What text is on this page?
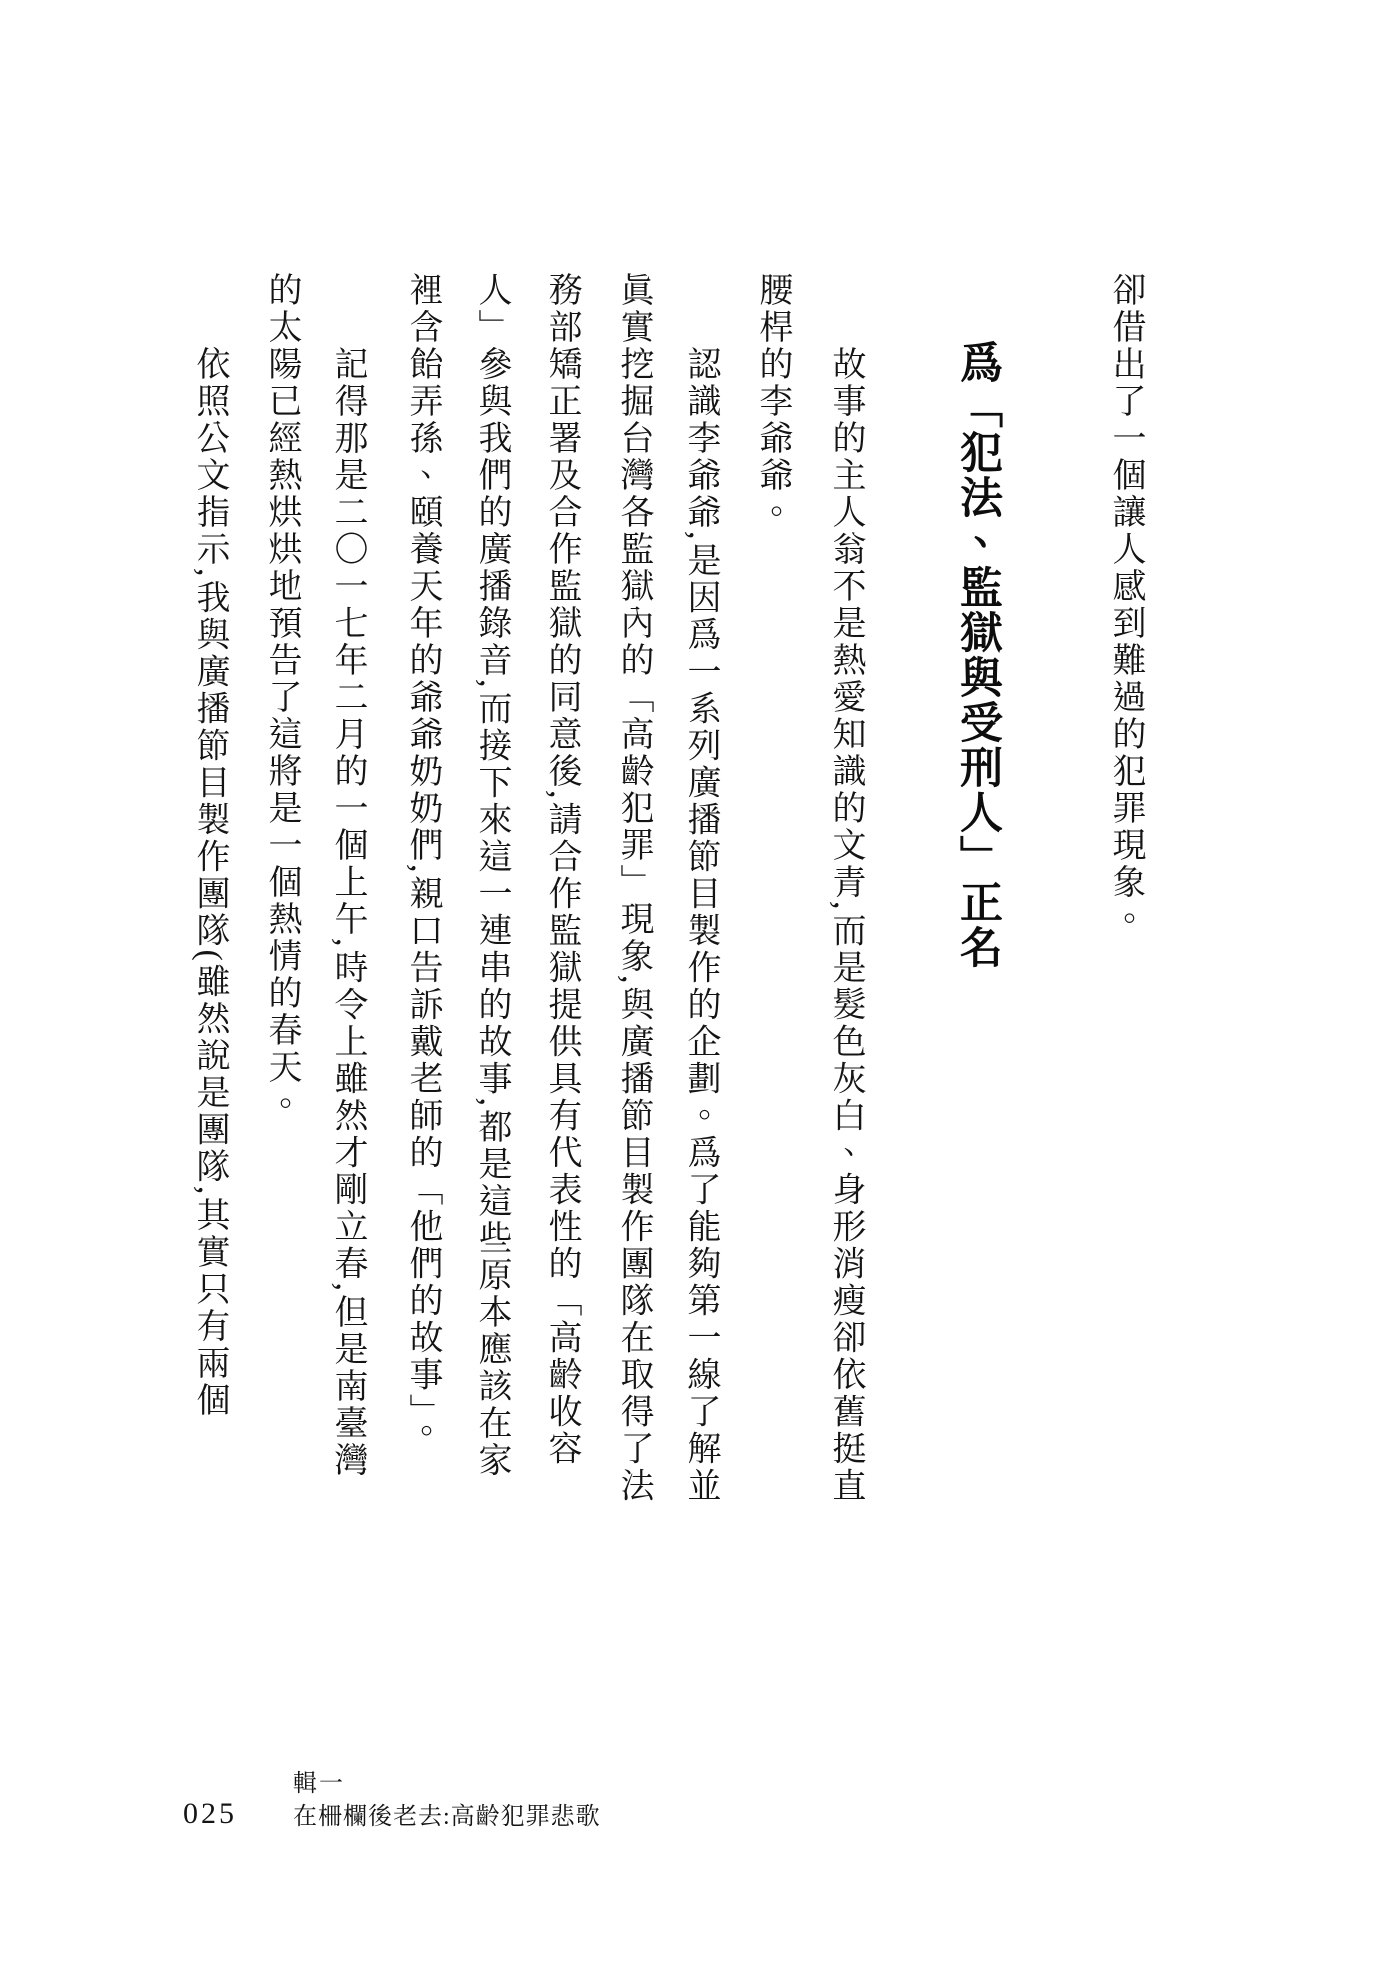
卻借出了一個讓人感到難過的犯罪現象。
爲「犯法、監獄與受刑人」正名
故事的主人翁不是熱愛知識的文青,而是髮色灰白、身形消瘦卻依舊挺直
腰桿的李爺爺。
認識李爺爺,是因爲一系列廣播節目製作的企劃。爲了能夠第一線了解並
眞實挖掘台灣各監獄內的「高齡犯罪」現象,與廣播節目製作團隊在取得了法
務部矯正署及合作監獄的同意後,請合作監獄提供具有代表性的「高齡收容
人」參與我們的廣播錄音,而接下來這一連串的故事,都是這些原本應該在家
裡含飴弄孫、頤養天年的爺爺奶奶們,親口告訴戴老師的「他們的故事」。
記得那是二〇一七年二月的一個上午,時令上雖然才剛立春,但是南臺灣
的太陽已經熱烘烘地預告了這將是一個熱情的春天。
依照公文指示,我與廣播節目製作團隊(雖然說是團隊,其實只有兩個
025
輯一
在柵欄後老去:高齡犯罪悲歌
